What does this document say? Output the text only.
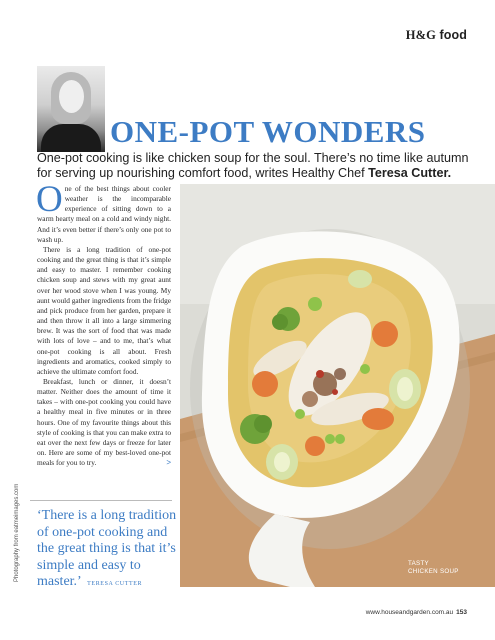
H&G food
ONE-POT WONDERS

One-pot cooking is like chicken soup for the soul. There’s no time like autumn for serving up nourishing comfort food, writes Healthy Chef Teresa Cutter.

One of the best things about cooler weather is the incomparable experience of sitting down to a warm hearty meal on a cold and windy night. And it’s even better if there’s only one pot to wash up.

There is a long tradition of one-pot cooking and the great thing is that it’s simple and easy to master. I remember cooking chicken soup and stews with my great aunt over her wood stove when I was young. My aunt would gather ingredients from the fridge and pick produce from her garden, prepare it and then throw it all into a large simmering brew. It was the sort of food that was made with lots of love – and to me, that’s what one-pot cooking is all about. Fresh ingredients and aromatics, cooked simply to achieve the ultimate comfort food.

Breakfast, lunch or dinner, it doesn’t matter. Neither does the amount of time it takes – with one-pot cooking you could have a healthy meal in five minutes or in three hours. One of my favourite things about this style of cooking is that you can make extra to eat over the next few days or freeze for later on. Here are some of my best-loved one-pot meals for you to try.	>

Photography from eatmeimages.com ‘There is a long tradition of one-pot cooking and the great thing is that it’s simple and easy to master.’ TERESA CUTTER

TASTY
CHICKEN SOUP
www.houseandgarden.com.au 153
